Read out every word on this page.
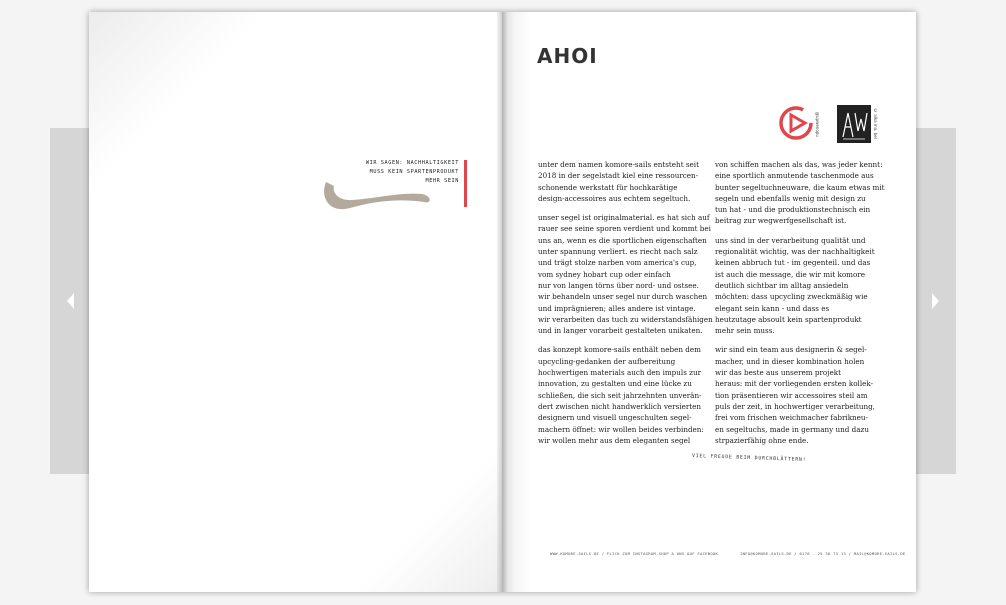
WIR SAGEN: NACHHALTIGKEIT
MUSS KEIN SPARTENPRODUKT
MEHR SEIN
AHOI
@upwenopu	© alka ma. bel

unter dem namen komore-sails entsteht seit
2018 in der segelstadt kiel eine ressourcen-
schonende werkstatt für hochkarätige
design-accessoires aus echtem segeltuch.

unser segel ist originalmaterial. es hat sich auf
rauer see seine sporen verdient und kommt bei
uns an, wenn es die sportlichen eigenschaften
unter spannung verliert. es riecht nach salz
und trägt stolze narben vom america's cup,
vom sydney hobart cup oder einfach
nur von langen törns über nord- und ostsee.
wir behandeln unser segel nur durch waschen
und imprägnieren; alles andere ist vintage.
wir verarbeiten das tuch zu widerstandsfähigen
und in langer vorarbeit gestalteten unikaten.

das konzept komore-sails enthält neben dem
upcycling-gedanken der aufbereitung
hochwertigen materials auch den impuls zur
innovation, zu gestalten und eine lücke zu
schließen, die sich seit jahrzehnten unverän-
dert zwischen nicht handwerklich versierten
designern und visuell ungeschulten segel-
machern öffnet: wir wollen beides verbinden:
wir wollen mehr aus dem eleganten segel

von schiffen machen als das, was jeder kennt:
eine sportlich anmutende taschenmode aus
bunter segeltuchneuware, die kaum etwas mit
segeln und ebenfalls wenig mit design zu
tun hat - und die produktionstechnisch ein
beitrag zur wegwerfgesellschaft ist.

uns sind in der verarbeitung qualität und
regionalität wichtig, was der nachhaltigkeit
keinen abbruch tut - im gegenteil. und das
ist auch die message, die wir mit komore
deutlich sichtbar im alltag ansiedeln
möchten: dass upcycling zweckmäßig wie
elegant sein kann - und dass es
heutzutage absoult kein spartenprodukt
mehr sein muss.

wir sind ein team aus designerin & segel-
macher, und in dieser kombination holen
wir das beste aus unserem projekt
heraus: mit der vorliegenden ersten kollek-
tion präsentieren wir accessoires steil am
puls der zeit, in hochwertiger verarbeitung,
frei vom frischen weichmacher fabrikneu-
en segeltuchs, made in germany und dazu
strpazierfähig ohne ende.

VIEL FREUDE BEIM DURCHBLÄTTERN!
WWW.KOMORE-SAILS.DE / FLICK ZUM INSTAGRAM-SHOP & UNS AUF FACEBOOK	INFO@KOMORE-SAILS.DE / 0176 - 25 36 73 13 / MAIL@KOMORE-SAILS.DE
